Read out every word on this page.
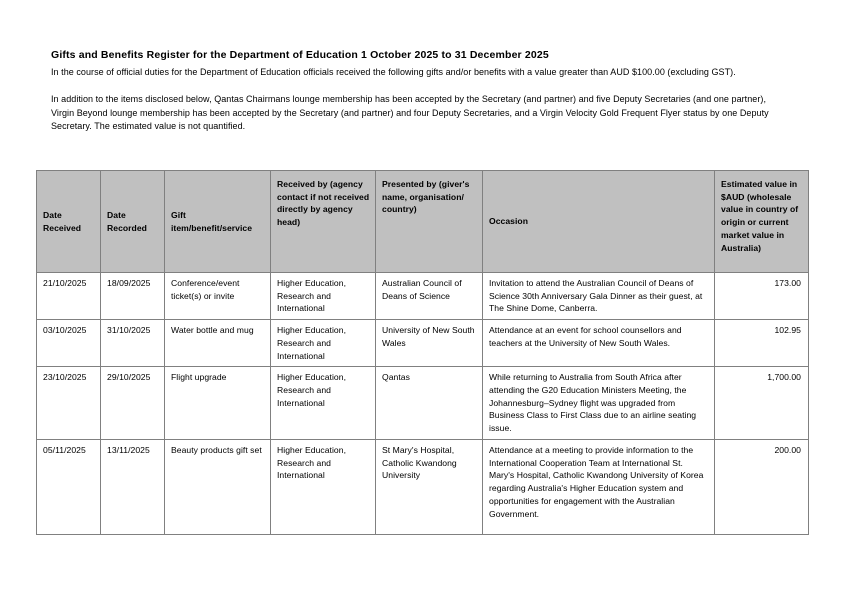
Gifts and Benefits Register for the Department of Education 1 October 2025 to 31 December 2025

In the course of official duties for the Department of Education officials received the following gifts and/or benefits with a value greater than AUD $100.00 (excluding GST).

In addition to the items disclosed below, Qantas Chairmans lounge membership has been accepted by the Secretary (and partner) and five Deputy Secretaries (and one partner), Virgin Beyond lounge membership has been accepted by the Secretary (and partner) and four Deputy Secretaries, and a Virgin Velocity Gold Frequent Flyer status by one Deputy Secretary. The estimated value is not quantified.

Date Received	Date Recorded	Gift item/benefit/service	Received by (agency contact if not received directly by agency head)	Presented by (giver's name, organisation/ country)	Occasion	Estimated value in $AUD (wholesale value in country of origin or current market value in Australia)
21/10/2025	18/09/2025	Conference/event ticket(s) or invite	Higher Education, Research and International	Australian Council of Deans of Science	Invitation to attend the Australian Council of Deans of Science 30th Anniversary Gala Dinner as their guest, at The Shine Dome, Canberra.	173.00
03/10/2025	31/10/2025	Water bottle and mug	Higher Education, Research and International	University of New South Wales	Attendance at an event for school counsellors and teachers at the University of New South Wales.	102.95
23/10/2025	29/10/2025	Flight upgrade	Higher Education, Research and International	Qantas	While returning to Australia from South Africa after attending the G20 Education Ministers Meeting, the Johannesburg–Sydney flight was upgraded from Business Class to First Class due to an airline seating issue.	1,700.00
05/11/2025	13/11/2025	Beauty products gift set	Higher Education, Research and International	St Mary's Hospital, Catholic Kwandong University	Attendance at a meeting to provide information to the International Cooperation Team at International St. Mary's Hospital, Catholic Kwandong University of Korea regarding Australia's Higher Education system and opportunities for engagement with the Australian Government.	200.00
